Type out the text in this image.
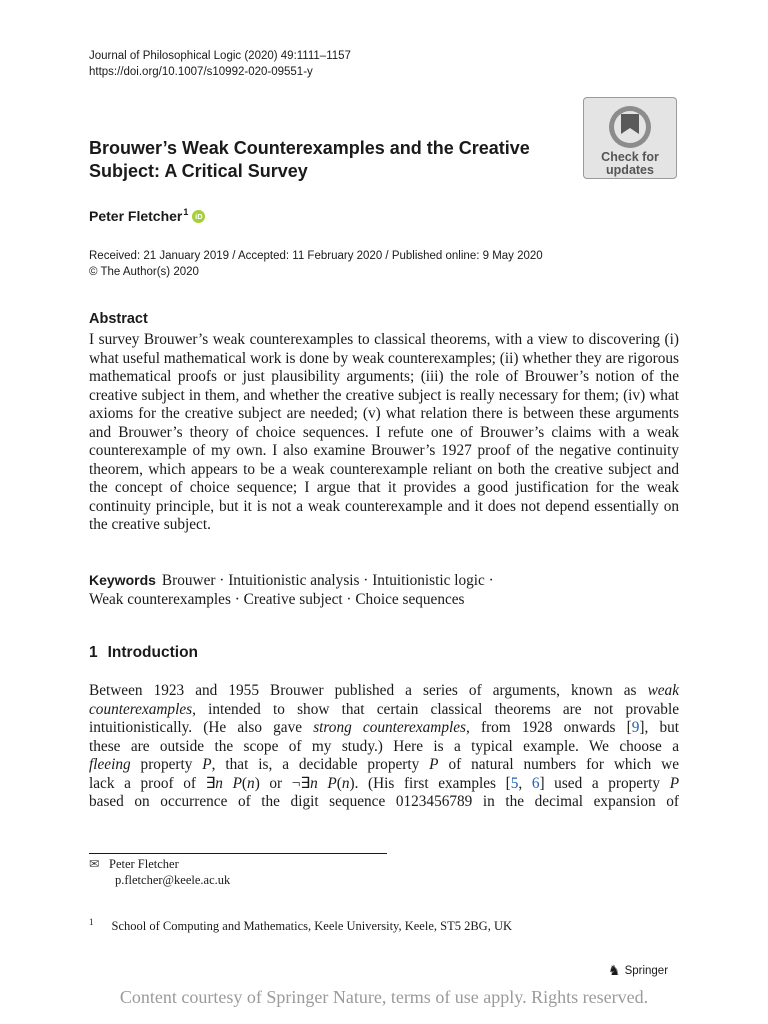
Journal of Philosophical Logic (2020) 49:1111–1157
https://doi.org/10.1007/s10992-020-09551-y
Brouwer’s Weak Counterexamples and the Creative
Subject: A Critical Survey
Check for
updates
Peter Fletcher$^1$ iD
Received: 21 January 2019 / Accepted: 11 February 2020 / Published online: 9 May 2020
© The Author(s) 2020
Abstract
I survey Brouwer’s weak counterexamples to classical theorems, with a view to discovering (i) what useful mathematical work is done by weak counterexamples; (ii) whether they are rigorous mathematical proofs or just plausibility arguments; (iii) the role of Brouwer’s notion of the creative subject in them, and whether the creative subject is really necessary for them; (iv) what axioms for the creative subject are needed; (v) what relation there is between these arguments and Brouwer’s theory of choice sequences. I refute one of Brouwer’s claims with a weak counterexample of my own. I also examine Brouwer’s 1927 proof of the negative continuity theorem, which appears to be a weak counterexample reliant on both the creative subject and the concept of choice sequence; I argue that it provides a good justification for the weak continuity principle, but it is not a weak counterexample and it does not depend essentially on the creative subject.
Keywords Brouwer · Intuitionistic analysis · Intuitionistic logic ·
Weak counterexamples · Creative subject · Choice sequences
1 Introduction
Between 1923 and 1955 Brouwer published a series of arguments, known as weak
counterexamples, intended to show that certain classical theorems are not provable
intuitionistically. (He also gave strong counterexamples, from 1928 onwards [9], but
these are outside the scope of my study.) Here is a typical example. We choose a
fleeing property P, that is, a decidable property P of natural numbers for which we
lack a proof of ∃n P(n) or ¬∃n P(n). (His first examples [5, 6] used a property P
based on occurrence of the digit sequence 0123456789 in the decimal expansion of
✉ Peter Fletcher
p.fletcher@keele.ac.uk
$^1$ School of Computing and Mathematics, Keele University, Keele, ST5 2BG, UK
♞ Springer
Content courtesy of Springer Nature, terms of use apply. Rights reserved.
